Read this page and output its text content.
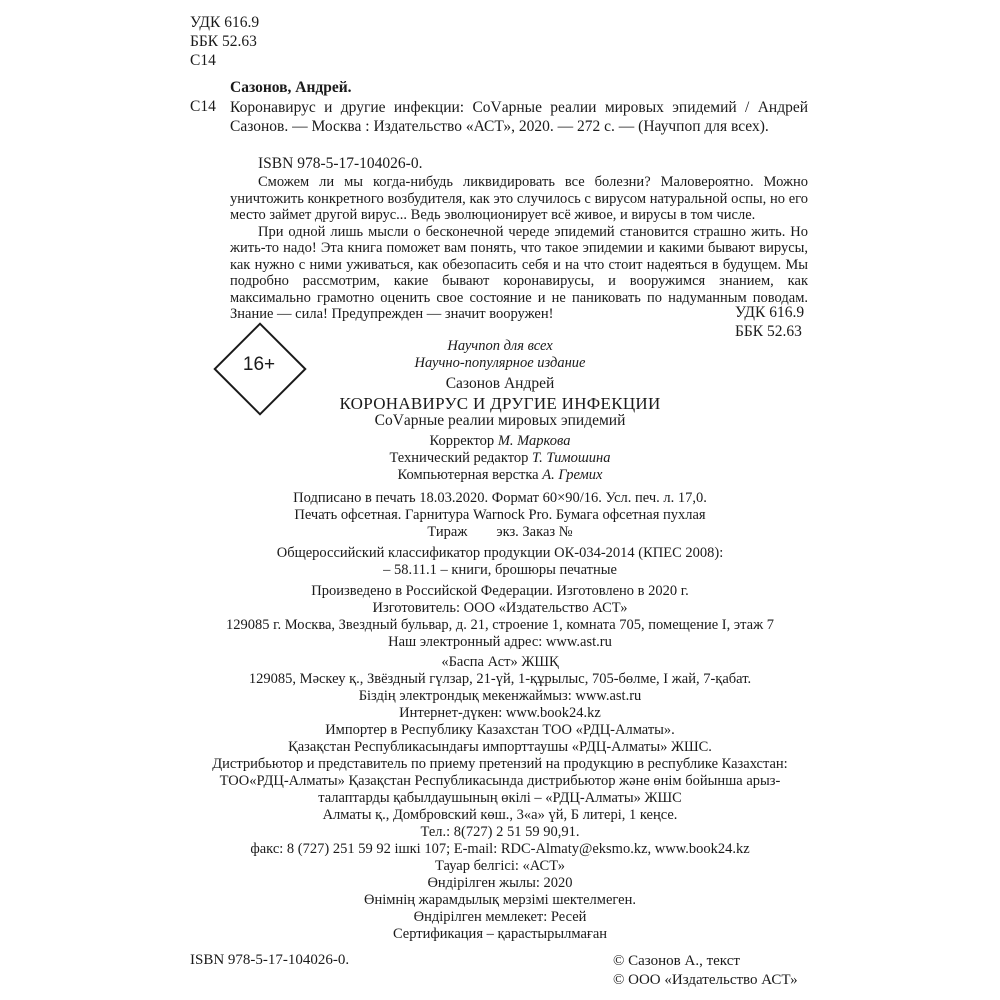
УДК 616.9
ББК 52.63
С14
Сазонов, Андрей.
С14 Коронавирус и другие инфекции: CoVарные реалии мировых эпидемий / Андрей Сазонов. — Москва : Издательство «АСТ», 2020. — 272 с. — (Научпоп для всех).
ISBN 978-5-17-104026-0.

Сможем ли мы когда-нибудь ликвидировать все болезни? Маловероятно. Можно уничтожить конкретного возбудителя, как это случилось с вирусом натуральной оспы, но его место займет другой вирус... Ведь эволюционирует всё живое, и вирусы в том числе.

При одной лишь мысли о бесконечной череде эпидемий становится страшно жить. Но жить-то надо! Эта книга поможет вам понять, что такое эпидемии и какими бывают вирусы, как нужно с ними уживаться, как обезопасить себя и на что стоит надеяться в будущем. Мы подробно рассмотрим, какие бывают коронавирусы, и вооружимся знанием, как максимально грамотно оценить свое состояние и не паниковать по надуманным поводам. Знание — сила! Предупрежден — значит вооружен!	УДК 616.9
ББК 52.63
16+
Научпоп для всех
Научно-популярное издание
Сазонов Андрей
КОРОНАВИРУС И ДРУГИЕ ИНФЕКЦИИ
CoVарные реалии мировых эпидемий
Корректор М. Маркова
Технический редактор Т. Тимошина
Компьютерная верстка А. Гремих
Подписано в печать 18.03.2020. Формат 60×90/16. Усл. печ. л. 17,0.
Печать офсетная. Гарнитура Warnock Pro. Бумага офсетная пухлая
Тираж        экз. Заказ №
Общероссийский классификатор продукции ОК-034-2014 (КПЕС 2008):
– 58.11.1 – книги, брошюры печатные
Произведено в Российской Федерации. Изготовлено в 2020 г.
Изготовитель: ООО «Издательство АСТ»
129085 г. Москва, Звездный бульвар, д. 21, строение 1, комната 705, помещение I, этаж 7
Наш электронный адрес: www.ast.ru
«Баспа Аст» ЖШҚ
129085, Мәскеу қ., Звёздный гүлзар, 21-үй, 1-құрылыс, 705-бөлме, I жай, 7-қабат.
Біздің электрондық мекенжаймыз: www.ast.ru
Интернет-дүкен: www.book24.kz
Импортер в Республику Казахстан ТОО «РДЦ-Алматы».
Қазақстан Республикасындағы импорттаушы «РДЦ-Алматы» ЖШС.
Дистрибьютор и представитель по приему претензий на продукцию в республике Казахстан:
ТОО«РДЦ-Алматы» Қазақстан Республикасында дистрибьютор және өнім бойынша арыз-
талаптарды қабылдаушының өкілі – «РДЦ-Алматы» ЖШС
Алматы қ., Домбровский көш., 3«а» үй, Б литері, 1 кеңсе.
Тел.: 8(727) 2 51 59 90,91.
факс: 8 (727) 251 59 92 ішкі 107; E-mail: RDC-Almaty@eksmo.kz, www.book24.kz
Тауар белгісі: «АСТ»
Өндірілген жылы: 2020
Өнімнің жарамдылық мерзімі шектелмеген.
Өндірілген мемлекет: Ресей
Сертификация – қарастырылмаған
ISBN 978-5-17-104026-0.	© Сазонов А., текст
© ООО «Издательство АСТ»
